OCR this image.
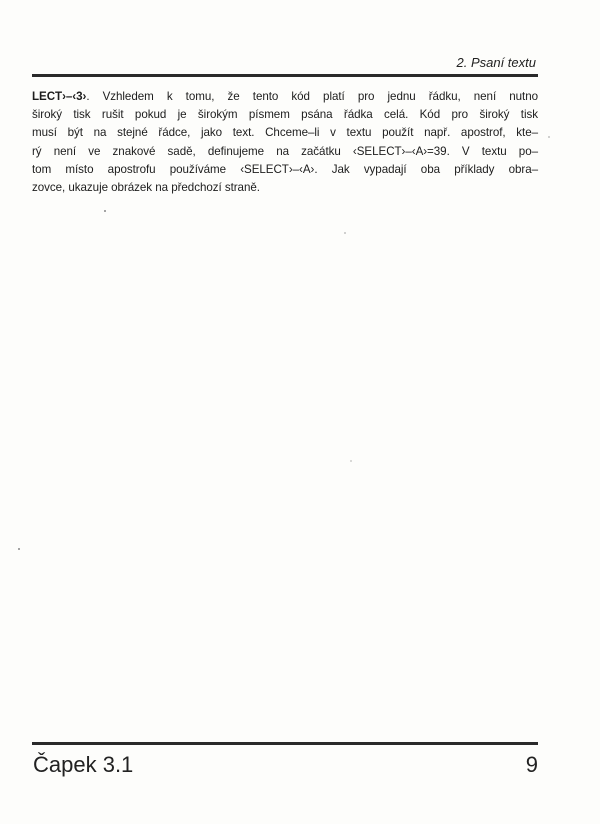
2. Psaní textu
LECT›–‹3›. Vzhledem k tomu, že tento kód platí pro jednu řádku, není nutno
široký tisk rušit pokud je širokým písmem psána řádka celá. Kód pro široký tisk
musí být na stejné řádce, jako text. Chceme–li v textu použít např. apostrof, kte–
rý není ve znakové sadě, definujeme na začátku ‹SELECT›–‹A›=39. V textu po–
tom místo apostrofu používáme ‹SELECT›–‹A›. Jak vypadají oba příklady obra–
zovce, ukazuje obrázek na předchozí straně.
Čapek 3.1	9
